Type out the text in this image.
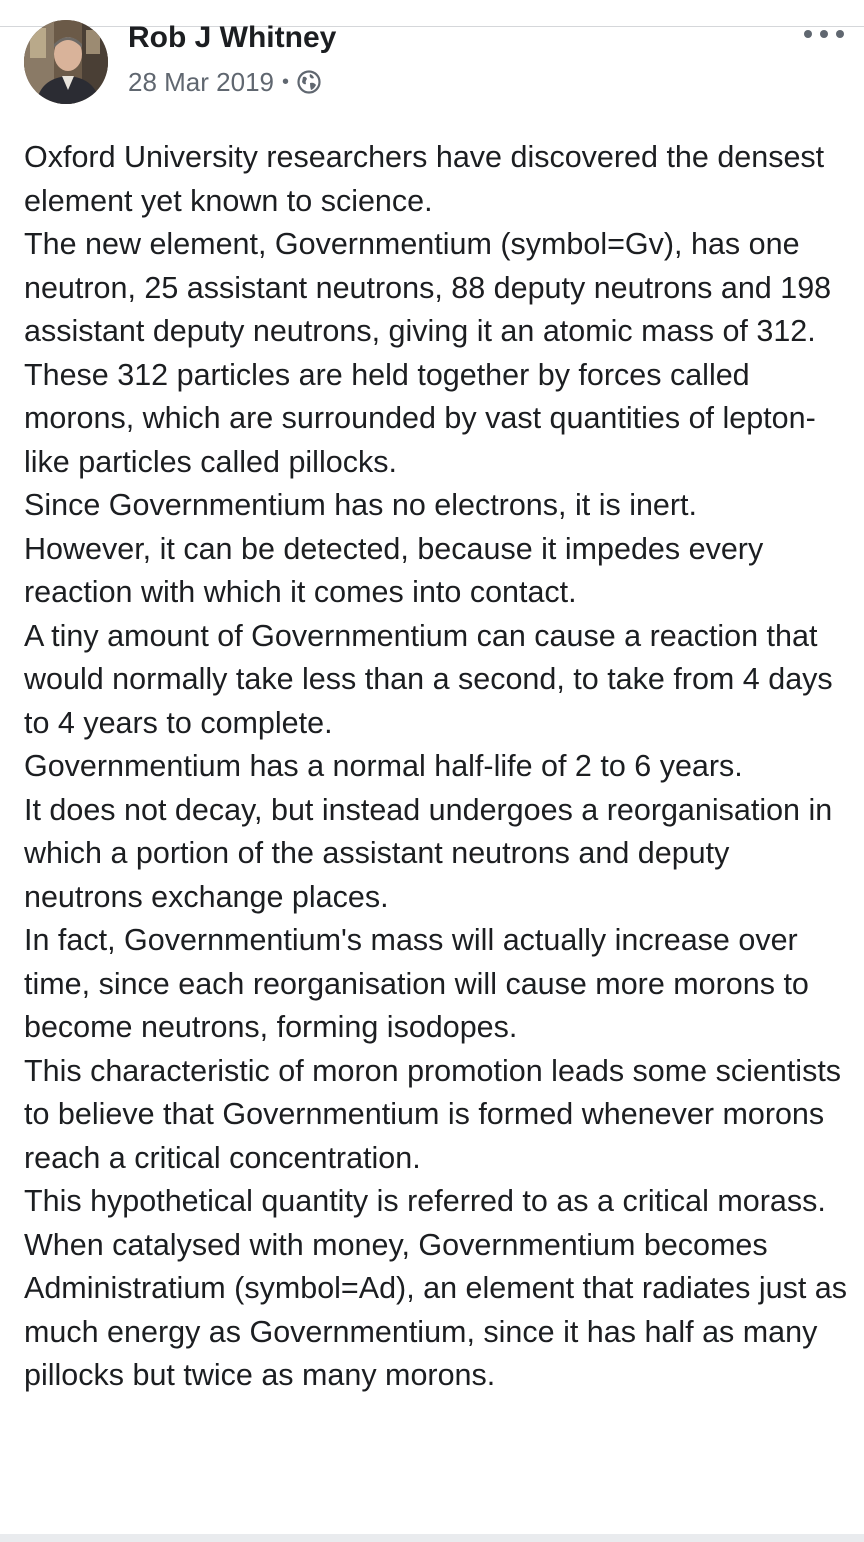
Rob J Whitney
28 Mar 2019 •

Oxford University researchers have discovered the densest element yet known to science.

The new element, Governmentium (symbol=Gv), has one neutron, 25 assistant neutrons, 88 deputy neutrons and 198 assistant deputy neutrons, giving it an atomic mass of 312.

These 312 particles are held together by forces called morons, which are surrounded by vast quantities of lepton-like particles called pillocks.

Since Governmentium has no electrons, it is inert.

However, it can be detected, because it impedes every reaction with which it comes into contact.

A tiny amount of Governmentium can cause a reaction that would normally take less than a second, to take from 4 days to 4 years to complete.

Governmentium has a normal half-life of 2 to 6 years.

It does not decay, but instead undergoes a reorganisation in which a portion of the assistant neutrons and deputy neutrons exchange places.

In fact, Governmentium's mass will actually increase over time, since each reorganisation will cause more morons to become neutrons, forming isodopes.

This characteristic of moron promotion leads some scientists to believe that Governmentium is formed whenever morons reach a critical concentration.

This hypothetical quantity is referred to as a critical morass.

When catalysed with money, Governmentium becomes Administratium (symbol=Ad), an element that radiates just as much energy as Governmentium, since it has half as many pillocks but twice as many morons.
